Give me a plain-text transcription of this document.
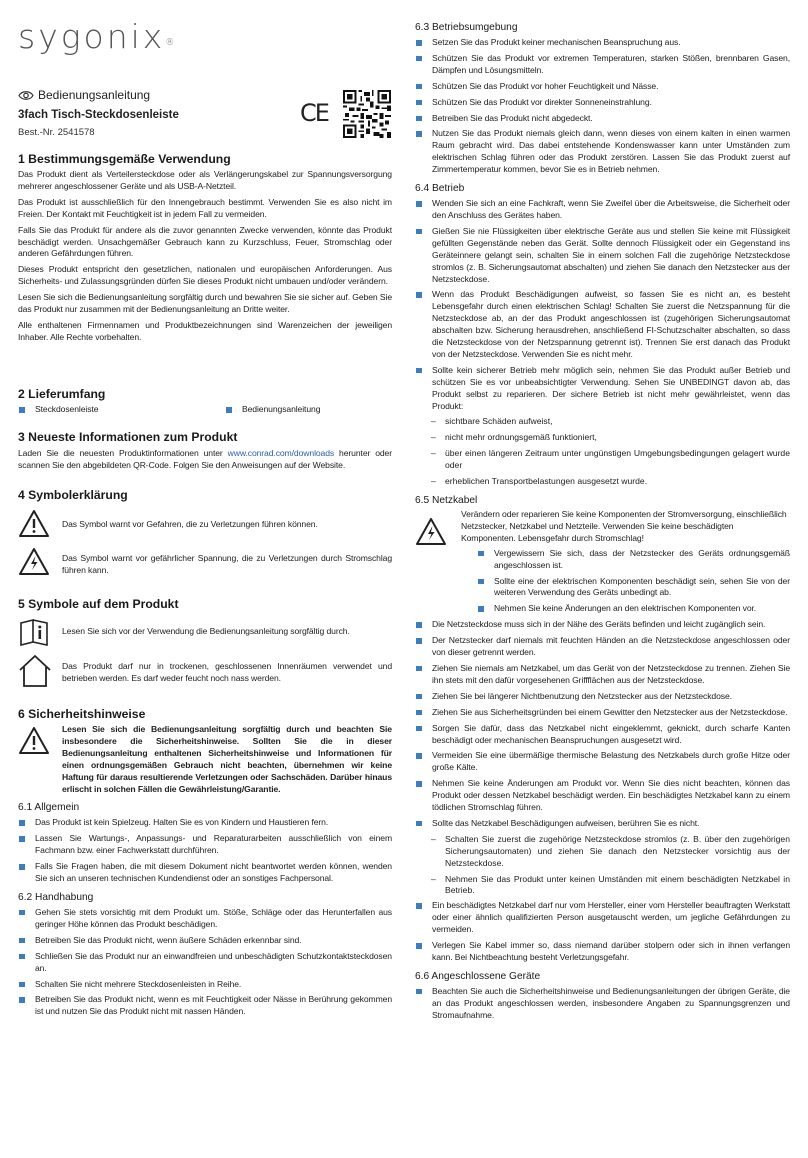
sygonix®
Bedienungsanleitung
3fach Tisch-Steckdosenleiste
Best.-Nr. 2541578
CE
1 Bestimmungsgemäße Verwendung

Das Produkt dient als Verteilersteckdose oder als Verlängerungskabel zur Spannungsversorgung mehrerer angeschlossener Geräte und als USB-A-Netzteil.

Das Produkt ist ausschließlich für den Innengebrauch bestimmt. Verwenden Sie es also nicht im Freien. Der Kontakt mit Feuchtigkeit ist in jedem Fall zu vermeiden.

Falls Sie das Produkt für andere als die zuvor genannten Zwecke verwenden, könnte das Produkt beschädigt werden. Unsachgemäßer Gebrauch kann zu Kurzschluss, Feuer, Stromschlag oder anderen Gefährdungen führen.

Dieses Produkt entspricht den gesetzlichen, nationalen und europäischen Anforderungen. Aus Sicherheits- und Zulassungsgründen dürfen Sie dieses Produkt nicht umbauen und/oder verändern.

Lesen Sie sich die Bedienungsanleitung sorgfältig durch und bewahren Sie sie sicher auf. Geben Sie das Produkt nur zusammen mit der Bedienungsanleitung an Dritte weiter.

Alle enthaltenen Firmennamen und Produktbezeichnungen sind Warenzeichen der jeweiligen Inhaber. Alle Rechte vorbehalten.

2 Lieferumfang
Steckdosenleiste	Bedienungsanleitung
3 Neueste Informationen zum Produkt

Laden Sie die neuesten Produktinformationen unter www.conrad.com/downloads herunter oder scannen Sie den abgebildeten QR-Code. Folgen Sie den Anweisungen auf der Website.

4 Symbolerklärung

Das Symbol warnt vor Gefahren, die zu Verletzungen führen können.

Das Symbol warnt vor gefährlicher Spannung, die zu Verletzungen durch Stromschlag führen kann.

5 Symbole auf dem Produkt

Lesen Sie sich vor der Verwendung die Bedienungsanleitung sorgfältig durch.

Das Produkt darf nur in trockenen, geschlossenen Innenräumen verwendet und betrieben werden. Es darf weder feucht noch nass werden.

6 Sicherheitshinweise

Lesen Sie sich die Bedienungsanleitung sorgfältig durch und beachten Sie insbesondere die Sicherheitshinweise. Sollten Sie die in dieser Bedienungsanleitung enthaltenen Sicherheitshinweise und Informationen für einen ordnungsgemäßen Gebrauch nicht beachten, übernehmen wir keine Haftung für daraus resultierende Verletzungen oder Sachschäden. Darüber hinaus erlischt in solchen Fällen die Gewährleistung/Garantie.

6.1 Allgemein
Das Produkt ist kein Spielzeug. Halten Sie es von Kindern und Haustieren fern.
Lassen Sie Wartungs-, Anpassungs- und Reparaturarbeiten ausschließlich von einem Fachmann bzw. einer Fachwerkstatt durchführen.
Falls Sie Fragen haben, die mit diesem Dokument nicht beantwortet werden können, wenden Sie sich an unseren technischen Kundendienst oder an sonstiges Fachpersonal.
6.2 Handhabung
Gehen Sie stets vorsichtig mit dem Produkt um. Stöße, Schläge oder das Herunterfallen aus geringer Höhe können das Produkt beschädigen.
Betreiben Sie das Produkt nicht, wenn äußere Schäden erkennbar sind.
Schließen Sie das Produkt nur an einwandfreien und unbeschädigten Schutzkontaktsteckdosen an.
Schalten Sie nicht mehrere Steckdosenleisten in Reihe.
Betreiben Sie das Produkt nicht, wenn es mit Feuchtigkeit oder Nässe in Berührung gekommen ist und nutzen Sie das Produkt nicht mit nassen Händen.
6.3 Betriebsumgebung
Setzen Sie das Produkt keiner mechanischen Beanspruchung aus.
Schützen Sie das Produkt vor extremen Temperaturen, starken Stößen, brennbaren Gasen, Dämpfen und Lösungsmitteln.
Schützen Sie das Produkt vor hoher Feuchtigkeit und Nässe.
Schützen Sie das Produkt vor direkter Sonneneinstrahlung.
Betreiben Sie das Produkt nicht abgedeckt.
Nutzen Sie das Produkt niemals gleich dann, wenn dieses von einem kalten in einen warmen Raum gebracht wird. Das dabei entstehende Kondenswasser kann unter Umständen zum elektrischen Schlag führen oder das Produkt zerstören. Lassen Sie das Produkt zuerst auf Zimmertemperatur kommen, bevor Sie es in Betrieb nehmen.
6.4 Betrieb
Wenden Sie sich an eine Fachkraft, wenn Sie Zweifel über die Arbeitsweise, die Sicherheit oder den Anschluss des Gerätes haben.
Gießen Sie nie Flüssigkeiten über elektrische Geräte aus und stellen Sie keine mit Flüssigkeit gefüllten Gegenstände neben das Gerät. Sollte dennoch Flüssigkeit oder ein Gegenstand ins Geräteinnere gelangt sein, schalten Sie in einem solchen Fall die zugehörige Netzsteckdose stromlos (z. B. Sicherungsautomat abschalten) und ziehen Sie danach den Netzstecker aus der Netzsteckdose.
Wenn das Produkt Beschädigungen aufweist, so fassen Sie es nicht an, es besteht Lebensgefahr durch einen elektrischen Schlag! Schalten Sie zuerst die Netzspannung für die Netzsteckdose ab, an der das Produkt angeschlossen ist (zugehörigen Sicherungsautomat abschalten bzw. Sicherung herausdrehen, anschließend FI-Schutzschalter abschalten, so dass die Netzsteckdose von der Netzspannung getrennt ist). Trennen Sie erst danach das Produkt von der Netzsteckdose. Verwenden Sie es nicht mehr.
Sollte kein sicherer Betrieb mehr möglich sein, nehmen Sie das Produkt außer Betrieb und schützen Sie es vor unbeabsichtigter Verwendung. Sehen Sie UNBEDINGT davon ab, das Produkt selbst zu reparieren. Der sichere Betrieb ist nicht mehr gewährleistet, wenn das Produkt:
– sichtbare Schäden aufweist,
– nicht mehr ordnungsgemäß funktioniert,
– über einen längeren Zeitraum unter ungünstigen Umgebungsbedingungen gelagert wurde oder
– erheblichen Transportbelastungen ausgesetzt wurde.
6.5 Netzkabel

Verändern oder reparieren Sie keine Komponenten der Stromversorgung, einschließlich Netzstecker, Netzkabel und Netzteile. Verwenden Sie keine beschädigten Komponenten. Lebensgefahr durch Stromschlag!

Vergewissern Sie sich, dass der Netzstecker des Geräts ordnungsgemäß angeschlossen ist.
Sollte eine der elektrischen Komponenten beschädigt sein, sehen Sie von der weiteren Verwendung des Geräts unbedingt ab.
Nehmen Sie keine Änderungen an den elektrischen Komponenten vor.
Die Netzsteckdose muss sich in der Nähe des Geräts befinden und leicht zugänglich sein.
Der Netzstecker darf niemals mit feuchten Händen an die Netzsteckdose angeschlossen oder von dieser getrennt werden.
Ziehen Sie niemals am Netzkabel, um das Gerät von der Netzsteckdose zu trennen. Ziehen Sie ihn stets mit den dafür vorgesehenen Griffflächen aus der Netzsteckdose.
Ziehen Sie bei längerer Nichtbenutzung den Netzstecker aus der Netzsteckdose.
Ziehen Sie aus Sicherheitsgründen bei einem Gewitter den Netzstecker aus der Netzsteckdose.
Sorgen Sie dafür, dass das Netzkabel nicht eingeklemmt, geknickt, durch scharfe Kanten beschädigt oder mechanischen Beanspruchungen ausgesetzt wird.
Vermeiden Sie eine übermäßige thermische Belastung des Netzkabels durch große Hitze oder große Kälte.
Nehmen Sie keine Änderungen am Produkt vor. Wenn Sie dies nicht beachten, können das Produkt oder dessen Netzkabel beschädigt werden. Ein beschädigtes Netzkabel kann zu einem tödlichen Stromschlag führen.
Sollte das Netzkabel Beschädigungen aufweisen, berühren Sie es nicht.
– Schalten Sie zuerst die zugehörige Netzsteckdose stromlos (z. B. über den zugehörigen Sicherungsautomaten) und ziehen Sie danach den Netzstecker vorsichtig aus der Netzsteckdose.
– Nehmen Sie das Produkt unter keinen Umständen mit einem beschädigten Netzkabel in Betrieb.
Ein beschädigtes Netzkabel darf nur vom Hersteller, einer vom Hersteller beauftragten Werkstatt oder einer ähnlich qualifizierten Person ausgetauscht werden, um jegliche Gefährdungen zu vermeiden.
Verlegen Sie Kabel immer so, dass niemand darüber stolpern oder sich in ihnen verfangen kann. Bei Nichtbeachtung besteht Verletzungsgefahr.
6.6 Angeschlossene Geräte
Beachten Sie auch die Sicherheitshinweise und Bedienungsanleitungen der übrigen Geräte, die an das Produkt angeschlossen werden, insbesondere Angaben zu Spannungsgrenzen und Stromaufnahme.
